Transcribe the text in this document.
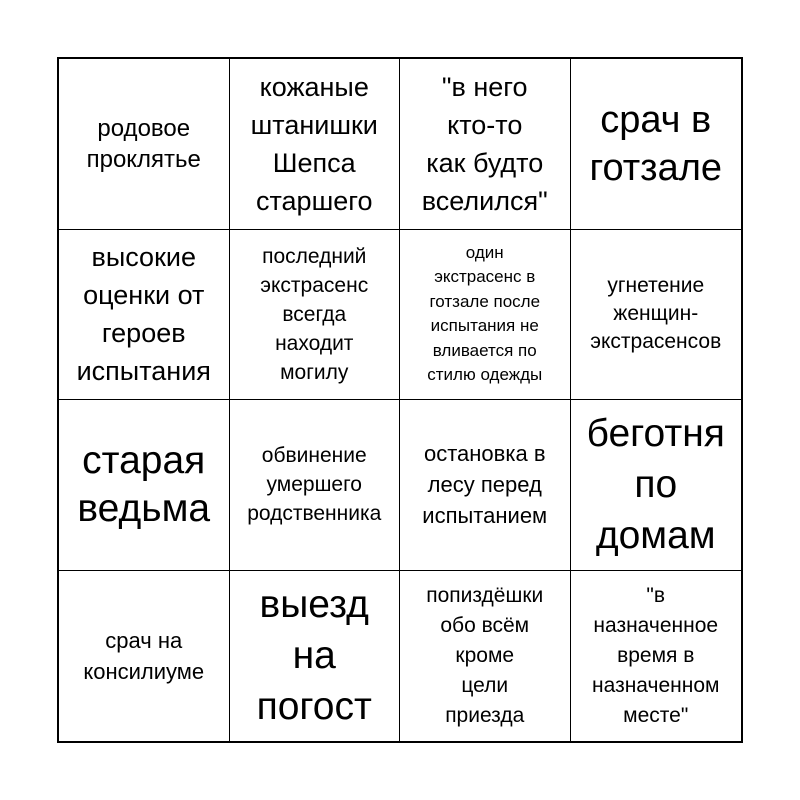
родовое
проклятье
кожаные
штанишки
Шепса
старшего
"в него
кто-то
как будто
вселился"
срач в
готзале
высокие
оценки от
героев
испытания
последний
экстрасенс
всегда
находит
могилу
один
экстрасенс в
готзале после
испытания не
вливается по
стилю одежды
угнетение
женщин-
экстрасенсов
старая
ведьма
обвинение
умершего
родственника
остановка в
лесу перед
испытанием
беготня
по
домам
срач на
консилиуме
выезд
на
погост
попиздёшки
обо всём
кроме
цели
приезда
"в
назначенное
время в
назначенном
месте"
